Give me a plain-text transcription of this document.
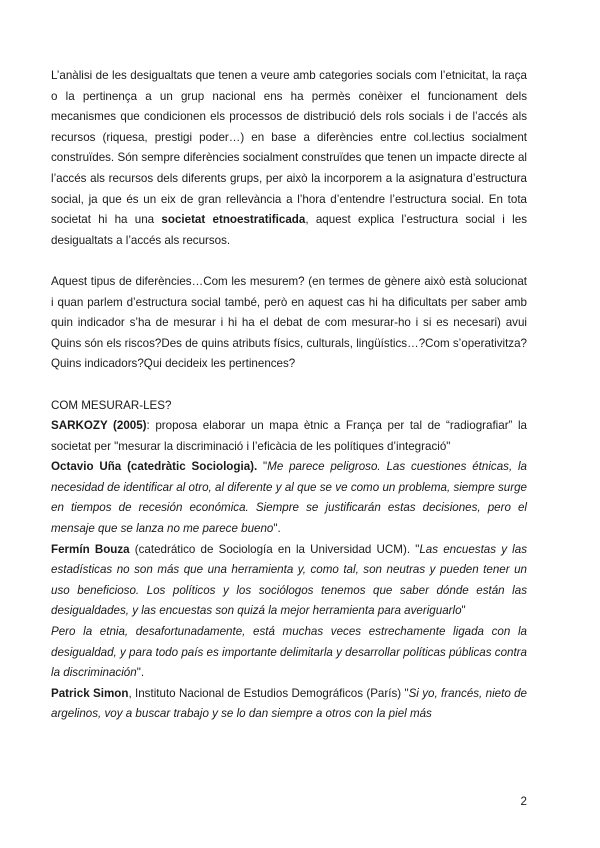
L’anàlisi de les desigualtats que tenen a veure amb categories socials com l’etnicitat, la raça o la pertinença a un grup nacional ens ha permès conèixer el funcionament dels mecanismes que condicionen els processos de distribució dels rols socials i de l’accés als recursos (riquesa, prestigi poder…) en base a diferències entre col.lectius socialment construïdes. Són sempre diferències socialment construïdes que tenen un impacte directe al l’accés als recursos dels diferents grups, per això la incorporem a la asignatura d’estructura social, ja que és un eix de gran rellevància a l’hora d’entendre l’estructura social. En tota societat hi ha una societat etnoestratificada, aquest explica l’estructura social i les desigualtats a l’accés als recursos.

Aquest tipus de diferències…Com les mesurem? (en termes de gènere això està solucionat i quan parlem d’estructura social també, però en aquest cas hi ha dificultats per saber amb quin indicador s’ha de mesurar i hi ha el debat de com mesurar-ho i si es necesari) avui Quins són els riscos?Des de quins atributs físics, culturals, lingüístics…?Com s’operativitza? Quins indicadors?Qui decideix les pertinences?

COM MESURAR-LES?

SARKOZY (2005): proposa elaborar un mapa ètnic a França per tal de “radiografiar” la societat per "mesurar la discriminació i l’eficàcia de les polítiques d’integració"

Octavio Uña (catedràtic Sociologia). "Me parece peligroso. Las cuestiones étnicas, la necesidad de identificar al otro, al diferente y al que se ve como un problema, siempre surge en tiempos de recesión económica. Siempre se justificarán estas decisiones, pero el mensaje que se lanza no me parece bueno".

Fermín Bouza (catedrático de Sociología en la Universidad UCM). "Las encuestas y las estadísticas no son más que una herramienta y, como tal, son neutras y pueden tener un uso beneficioso. Los políticos y los sociólogos tenemos que saber dónde están las desigualdades, y las encuestas son quizá la mejor herramienta para averiguarlo"

Pero la etnia, desafortunadamente, está muchas veces estrechamente ligada con la desigualdad, y para todo país es importante delimitarla y desarrollar políticas públicas contra la discriminación".

Patrick Simon, Instituto Nacional de Estudios Demográficos (París) "Si yo, francés, nieto de argelinos, voy a buscar trabajo y se lo dan siempre a otros con la piel más

2
